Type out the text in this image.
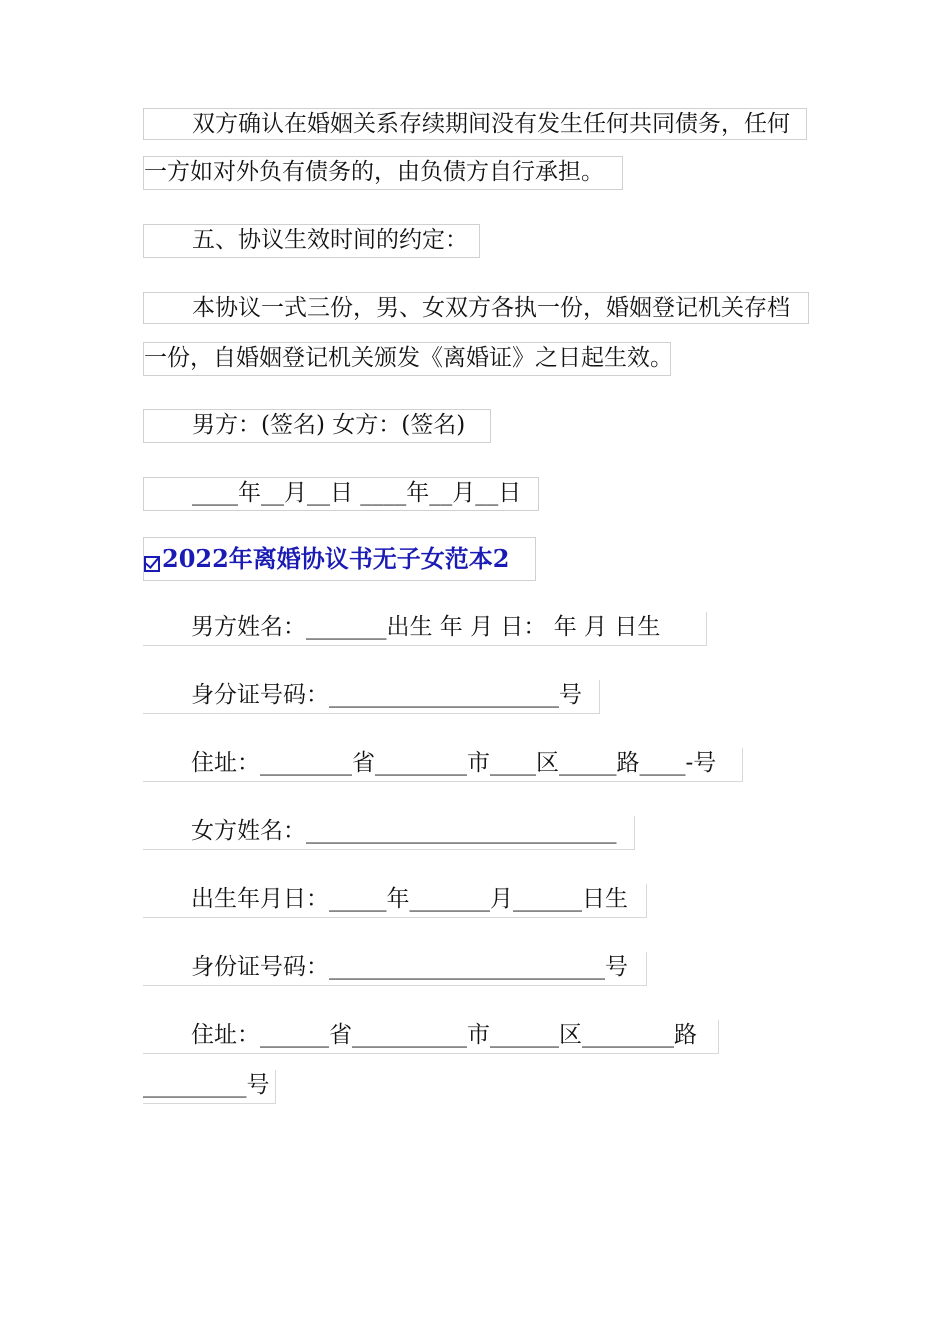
双方确认在婚姻关系存续期间没有发生任何共同债务，任何
一方如对外负有债务的，由负债方自行承担。
五、协议生效时间的约定：
本协议一式三份，男、女双方各执一份，婚姻登记机关存档
一份，自婚姻登记机关颁发《离婚证》之日起生效。
男方：(签名) 女方：(签名)
____年__月__日 ____年__月__日
2022年离婚协议书无子女范本2
男方姓名：_______出生 年 月 日： 年 月 日生
身分证号码：____________________号
住址：________省________市____区_____路____-号
女方姓名：___________________________
出生年月日：_____年_______月______日生
身份证号码：________________________号
住址：______省__________市______区________路
_________号
